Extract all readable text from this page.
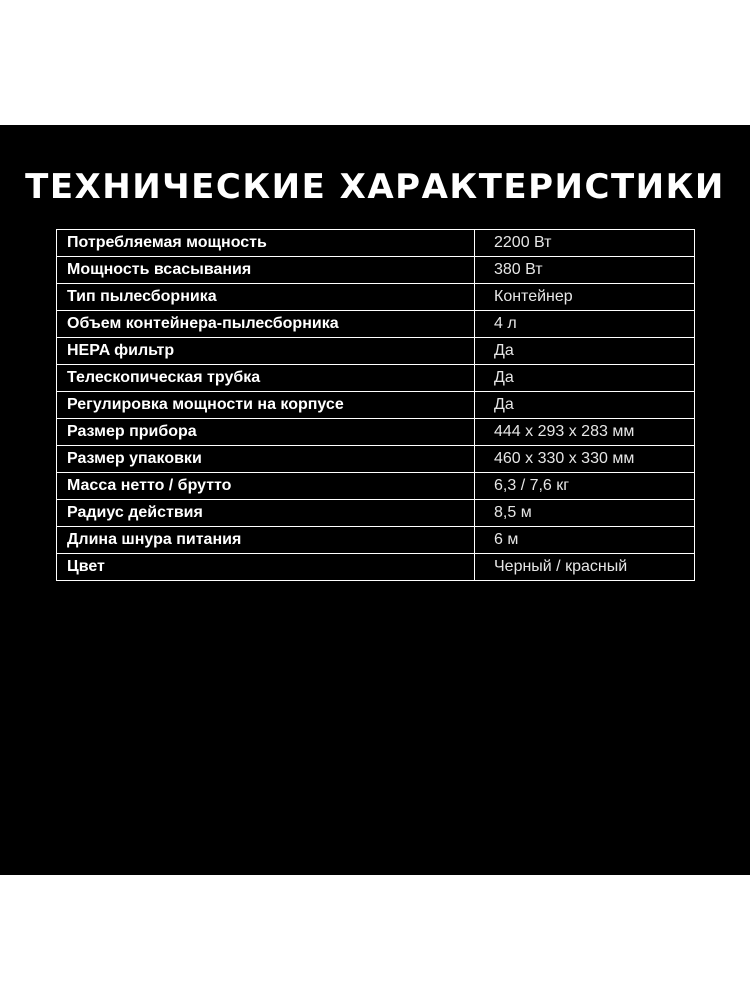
ТЕХНИЧЕСКИЕ ХАРАКТЕРИСТИКИ
Потребляемая мощность	2200 Вт
Мощность всасывания	380 Вт
Тип пылесборника	Контейнер
Объем контейнера-пылесборника	4 л
HEPA фильтр	Да
Телескопическая трубка	Да
Регулировка мощности на корпусе	Да
Размер прибора	444 x 293 x 283 мм
Размер упаковки	460 x 330 x 330 мм
Масса нетто / брутто	6,3 / 7,6 кг
Радиус действия	8,5 м
Длина шнура питания	6 м
Цвет	Черный / красный
